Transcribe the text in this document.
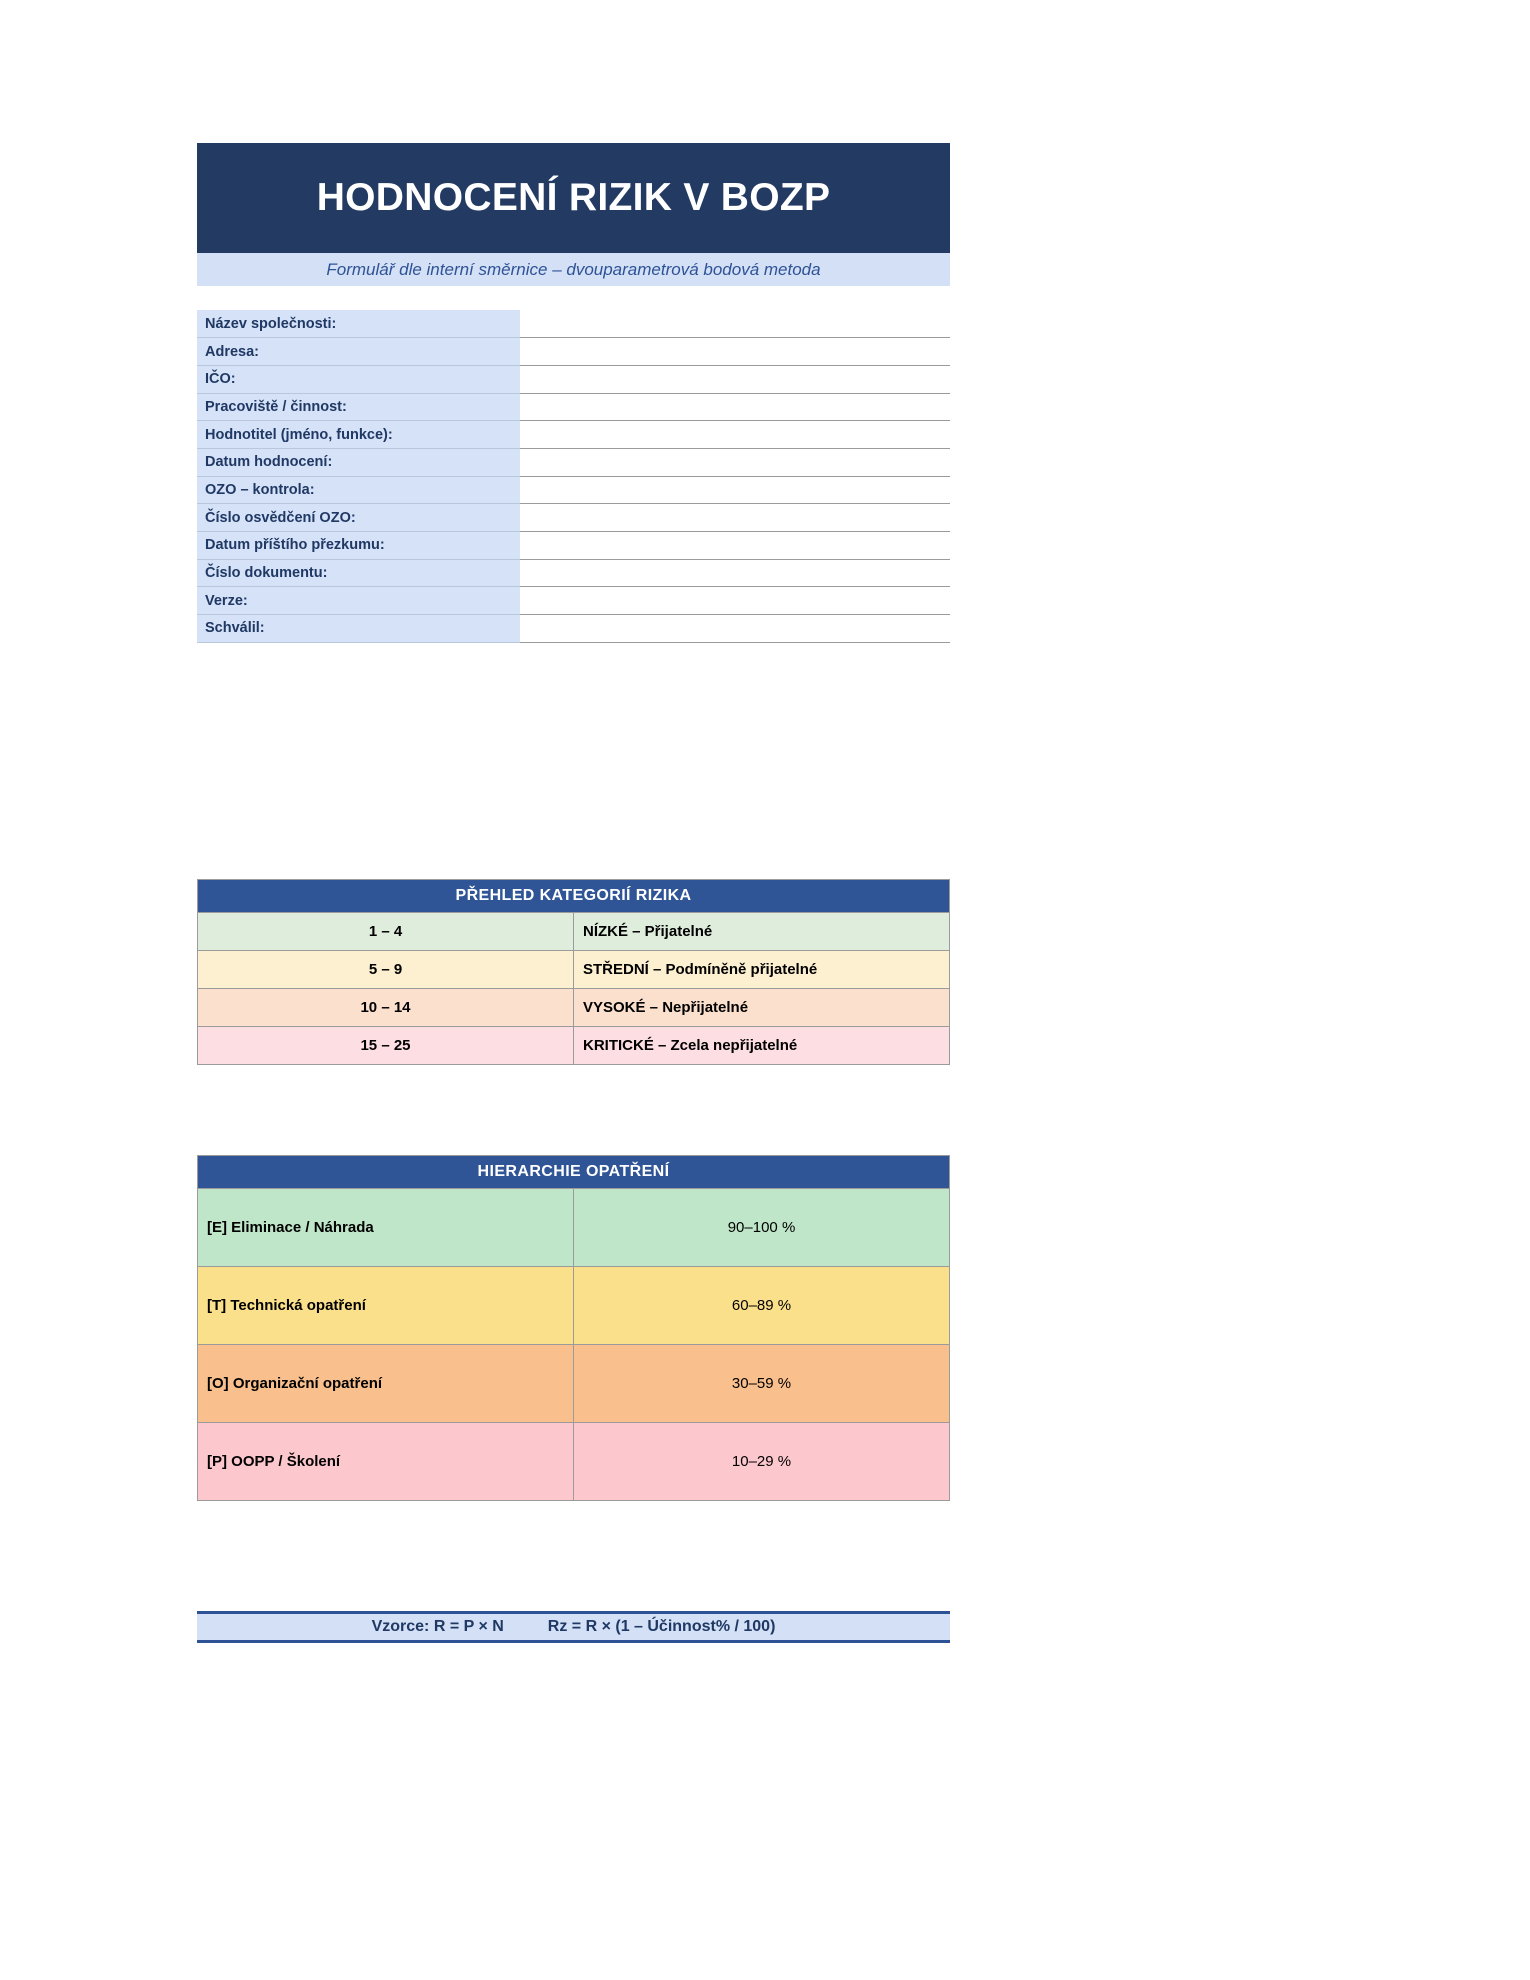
HODNOCENÍ RIZIK V BOZP
Formulář dle interní směrnice – dvouparametrová bodová metoda
Název společnosti:	
Adresa:	
IČO:	
Pracoviště / činnost:	
Hodnotitel (jméno, funkce):	
Datum hodnocení:	
OZO – kontrola:	
Číslo osvědčení OZO:	
Datum příštího přezkumu:	
Číslo dokumentu:	
Verze:	
Schválil:	
PŘEHLED KATEGORIÍ RIZIKA	
1 – 4	NÍZKÉ – Přijatelné
5 – 9	STŘEDNÍ – Podmíněně přijatelné
10 – 14	VYSOKÉ – Nepřijatelné
15 – 25	KRITICKÉ – Zcela nepřijatelné
HIERARCHIE OPATŘENÍ	
[E] Eliminace / Náhrada	90–100 %
[T] Technická opatření	60–89 %
[O] Organizační opatření	30–59 %
[P] OOPP / Školení	10–29 %
Vzorce: R = P × N	Rz = R × (1 – Účinnost% / 100)
